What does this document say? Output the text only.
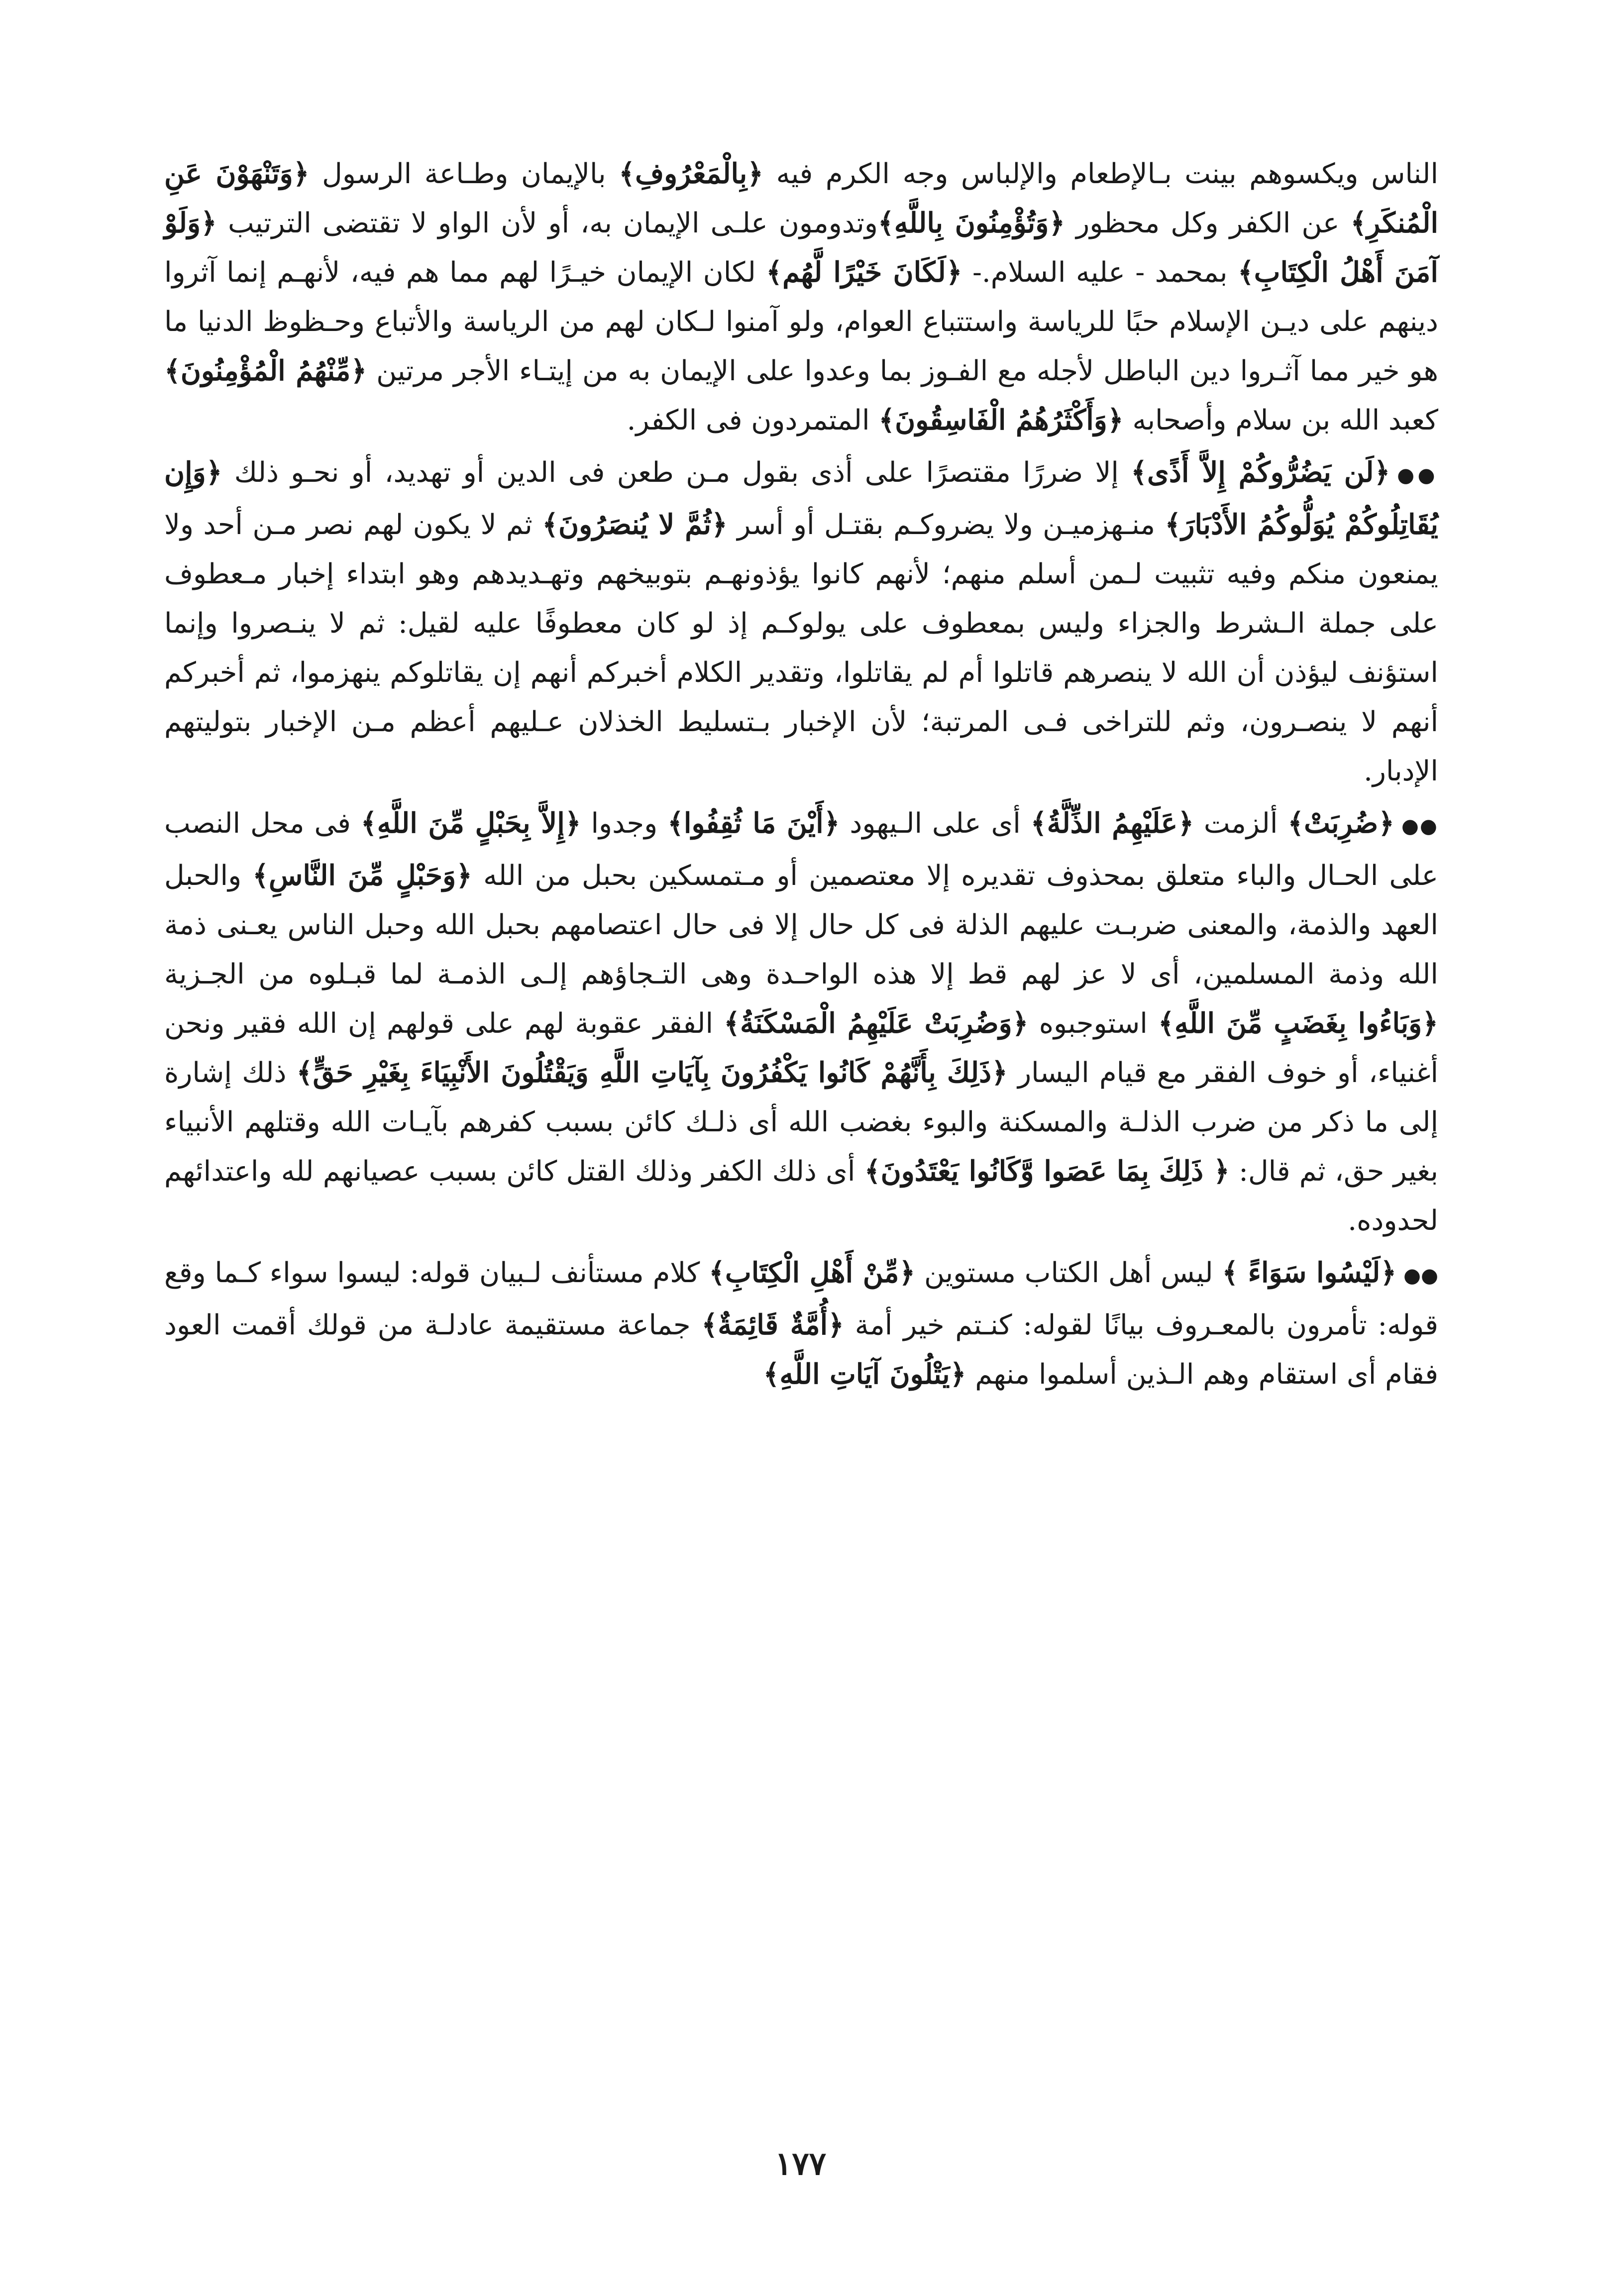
الناس ويكسوهم بينت بـالإطعام والإلباس وجه الكرم فيه ﴿بِالْمَعْرُوفِ﴾ بالإيمان وطـاعة الرسول ﴿وَتَنْهَوْنَ عَنِ الْمُنكَرِ﴾ عن الكفر وكل محظور ﴿وَتُؤْمِنُونَ بِاللَّهِ﴾وتدومون علـى الإيمان به، أو لأن الواو لا تقتضى الترتيب ﴿وَلَوْ آمَنَ أَهْلُ الْكِتَابِ﴾ بمحمد - عليه السلام.- ﴿لَكَانَ خَيْرًا لَّهُم﴾ لكان الإيمان خيـرًا لهم مما هم فيه، لأنهـم إنما آثروا دينهم على ديـن الإسلام حبًا للرياسة واستتباع العوام، ولو آمنوا لـكان لهم من الرياسة والأتباع وحـظوظ الدنيا ما هو خير مما آثـروا دين الباطل لأجله مع الفـوز بما وعدوا على الإيمان به من إيتـاء الأجر مرتين ﴿مِّنْهُمُ الْمُؤْمِنُونَ﴾ كعبد الله بن سلام وأصحابه ﴿وَأَكْثَرُهُمُ الْفَاسِقُونَ﴾ المتمردون فى الكفر.

●●﴿لَن يَضُرُّوكُمْ إِلاَّ أَذًى﴾ إلا ضررًا مقتصرًا على أذى بقول مـن طعن فى الدين أو تهديد، أو نحـو ذلك ﴿وَإِن يُقَاتِلُوكُمْ يُوَلُّوكُمُ الأَدْبَارَ﴾ منـهزميـن ولا يضروكـم بقتـل أو أسر ﴿ثُمَّ لا يُنصَرُونَ﴾ ثم لا يكون لهم نصر مـن أحد ولا يمنعون منكم وفيه تثبيت لـمن أسلم منهم؛ لأنهم كانوا يؤذونهـم بتوبيخهم وتهـديدهم وهو ابتداء إخبار مـعطوف على جملة الـشرط والجزاء وليس بمعطوف على يولوكـم إذ لو كان معطوفًا عليه لقيل: ثم لا ينـصروا وإنما استؤنف ليؤذن أن الله لا ينصرهم قاتلوا أم لم يقاتلوا، وتقدير الكلام أخبركم أنهم إن يقاتلوكم ينهزموا، ثم أخبركم أنهم لا ينصـرون، وثم للتراخى فـى المرتبة؛ لأن الإخبار بـتسليط الخذلان عـليهم أعظم مـن الإخبار بتوليتهم الإدبار.

●●﴿ضُرِبَتْ﴾ ألزمت ﴿عَلَيْهِمُ الذِّلَّةُ﴾ أى على الـيهود ﴿أَيْنَ مَا ثُقِفُوا﴾ وجدوا ﴿إِلاَّ بِحَبْلٍ مِّنَ اللَّهِ﴾ فى محل النصب على الحـال والباء متعلق بمحذوف تقديره إلا معتصمين أو مـتمسكين بحبل من الله ﴿وَحَبْلٍ مِّنَ النَّاسِ﴾ والحبل العهد والذمة، والمعنى ضربـت عليهم الذلة فى كل حال إلا فى حال اعتصامهم بحبل الله وحبل الناس يعـنى ذمة الله وذمة المسلمين، أى لا عز لهم قط إلا هذه الواحـدة وهى التـجاؤهم إلـى الذمـة لما قبـلوه من الجـزية ﴿وَبَاءُوا بِغَضَبٍ مِّنَ اللَّهِ﴾ استوجبوه ﴿وَضُرِبَتْ عَلَيْهِمُ الْمَسْكَنَةُ﴾ الفقر عقوبة لهم على قولهم إن الله فقير ونحن أغنياء، أو خوف الفقر مع قيام اليسار ﴿ذَلِكَ بِأَنَّهُمْ كَانُوا يَكْفُرُونَ بِآيَاتِ اللَّهِ وَيَقْتُلُونَ الأَنْبِيَاءَ بِغَيْرِ حَقٍّ﴾ ذلك إشارة إلى ما ذكر من ضرب الذلـة والمسكنة والبوء بغضب الله أى ذلـك كائن بسبب كفرهم بآيـات الله وقتلهم الأنبياء بغير حق، ثم قال: ﴿ ذَلِكَ بِمَا عَصَوا وَّكَانُوا يَعْتَدُونَ﴾ أى ذلك الكفر وذلك القتل كائن بسبب عصيانهم لله واعتدائهم لحدوده.

●●﴿لَيْسُوا سَوَاءً ﴾ ليس أهل الكتاب مستوين ﴿مِّنْ أَهْلِ الْكِتَابِ﴾ كلام مستأنف لـبيان قوله: ليسوا سواء كـما وقع قوله: تأمرون بالمعـروف بيانًا لقوله: كنـتم خير أمة ﴿أُمَّةٌ قَائِمَةٌ﴾ جماعة مستقيمة عادلـة من قولك أقمت العود فقام أى استقام وهم الـذين أسلموا منهم ﴿يَتْلُونَ آيَاتِ اللَّهِ﴾

١٧٧
